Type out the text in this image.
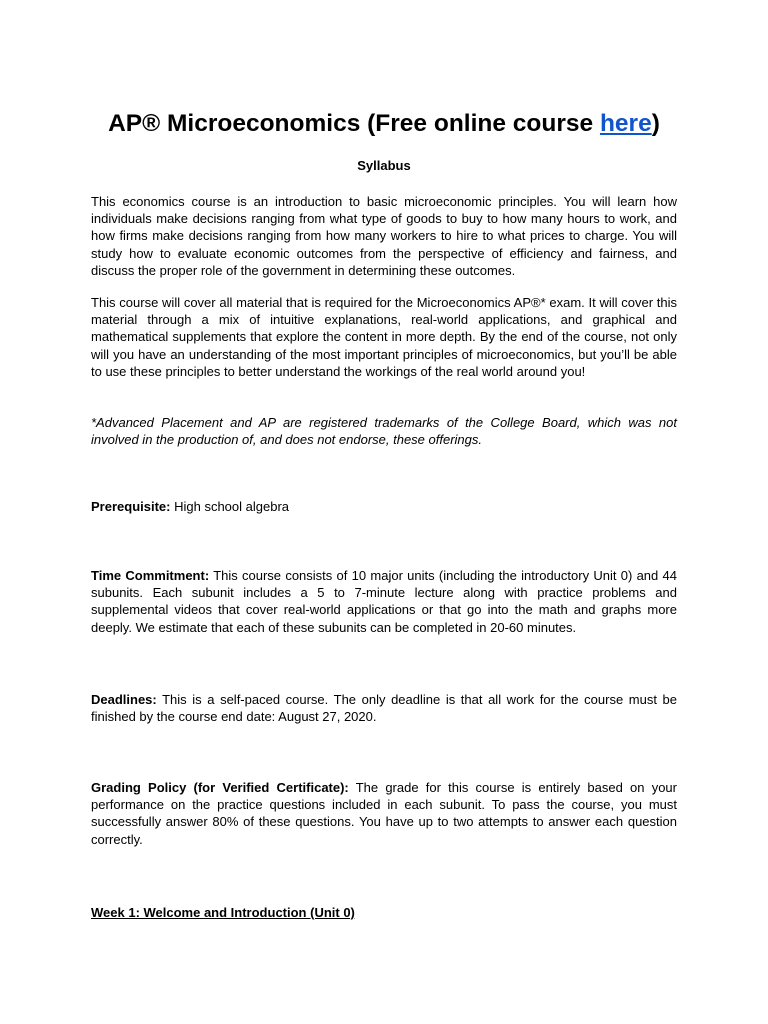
AP® Microeconomics (Free online course here)

Syllabus

This economics course is an introduction to basic microeconomic principles. You will learn how individuals make decisions ranging from what type of goods to buy to how many hours to work, and how firms make decisions ranging from how many workers to hire to what prices to charge. You will study how to evaluate economic outcomes from the perspective of efficiency and fairness, and discuss the proper role of the government in determining these outcomes.

This course will cover all material that is required for the Microeconomics AP®* exam. It will cover this material through a mix of intuitive explanations, real-world applications, and graphical and mathematical supplements that explore the content in more depth. By the end of the course, not only will you have an understanding of the most important principles of microeconomics, but you’ll be able to use these principles to better understand the workings of the real world around you!

*Advanced Placement and AP are registered trademarks of the College Board, which was not involved in the production of, and does not endorse, these offerings.

Prerequisite: High school algebra

Time Commitment: This course consists of 10 major units (including the introductory Unit 0) and 44 subunits. Each subunit includes a 5 to 7-minute lecture along with practice problems and supplemental videos that cover real-world applications or that go into the math and graphs more deeply. We estimate that each of these subunits can be completed in 20-60 minutes.

Deadlines: This is a self-paced course. The only deadline is that all work for the course must be finished by the course end date: August 27, 2020.

Grading Policy (for Verified Certificate): The grade for this course is entirely based on your performance on the practice questions included in each subunit. To pass the course, you must successfully answer 80% of these questions. You have up to two attempts to answer each question correctly.

Week 1: Welcome and Introduction (Unit 0)
